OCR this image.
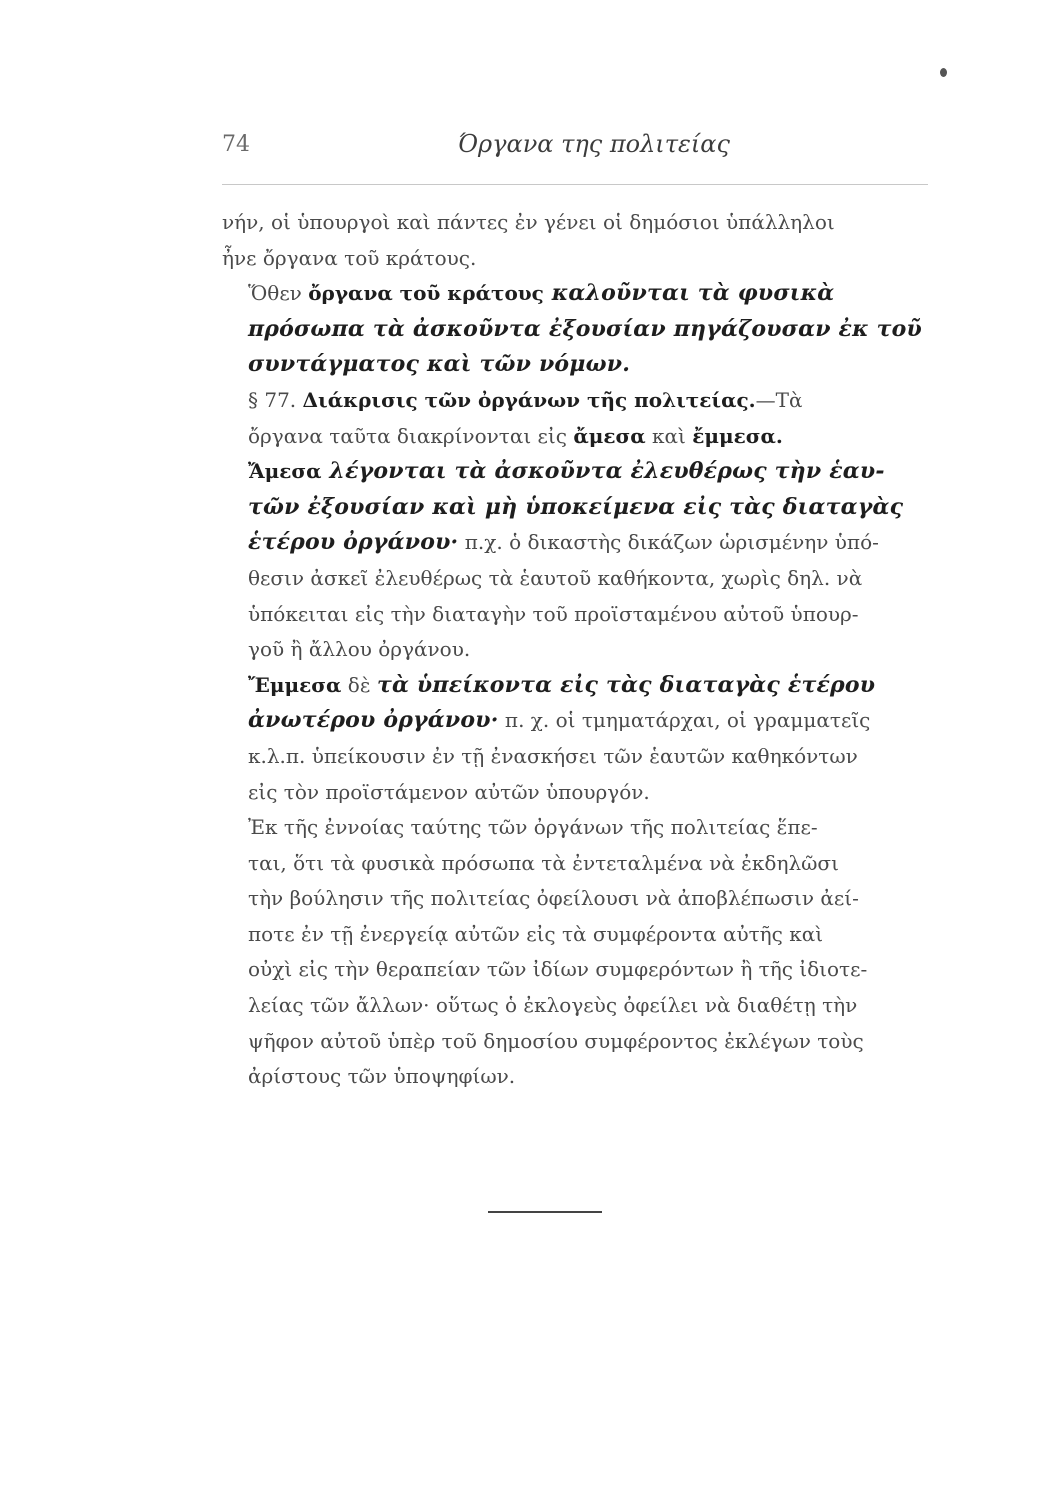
74	Όργανα της πολιτείας

νήν, οἱ ὑπουργοὶ καὶ πάντες ἐν γένει οἱ δημόσιοι ὑπάλληλοι
ἦνε ὄργανα τοῦ κράτους.

Ὅθεν ὄργανα τοῦ κράτους καλοῦνται τὰ φυσικὰ
πρόσωπα τὰ ἀσκοῦντα ἐξουσίαν πηγάζουσαν ἐκ τοῦ
συντάγματος καὶ τῶν νόμων.

§ 77. Διάκρισις τῶν ὀργάνων τῆς πολιτείας.—Τὰ
ὄργανα ταῦτα διακρίνονται εἰς ἄμεσα καὶ ἔμμεσα.

Ἄμεσα λέγονται τὰ ἀσκοῦντα ἐλευθέρως τὴν ἑαυ-
τῶν ἐξουσίαν καὶ μὴ ὑποκείμενα εἰς τὰς διαταγὰς
ἑτέρου ὀργάνου· π.χ. ὁ δικαστὴς δικάζων ὡρισμένην ὑπό-
θεσιν ἀσκεῖ ἐλευθέρως τὰ ἑαυτοῦ καθήκοντα, χωρὶς δηλ. νὰ
ὑπόκειται εἰς τὴν διαταγὴν τοῦ προϊσταμένου αὐτοῦ ὑπουρ-
γοῦ ἢ ἄλλου ὀργάνου.

Ἔμμεσα δὲ τὰ ὑπείκοντα εἰς τὰς διαταγὰς ἑτέρου
ἀνωτέρου ὀργάνου· π. χ. οἱ τμηματάρχαι, οἱ γραμματεῖς
κ.λ.π. ὑπείκουσιν ἐν τῇ ἐνασκήσει τῶν ἑαυτῶν καθηκόντων
εἰς τὸν προϊστάμενον αὐτῶν ὑπουργόν.

Ἐκ τῆς ἐννοίας ταύτης τῶν ὀργάνων τῆς πολιτείας ἕπε-
ται, ὅτι τὰ φυσικὰ πρόσωπα τὰ ἐντεταλμένα νὰ ἐκδηλῶσι
τὴν βούλησιν τῆς πολιτείας ὀφείλουσι νὰ ἀποβλέπωσιν ἀεί-
ποτε ἐν τῇ ἐνεργείᾳ αὐτῶν εἰς τὰ συμφέροντα αὐτῆς καὶ
οὐχὶ εἰς τὴν θεραπείαν τῶν ἰδίων συμφερόντων ἢ τῆς ἰδιοτε-
λείας τῶν ἄλλων· οὕτως ὁ ἐκλογεὺς ὀφείλει νὰ διαθέτῃ τὴν
ψῆφον αὐτοῦ ὑπὲρ τοῦ δημοσίου συμφέροντος ἐκλέγων τοὺς
ἀρίστους τῶν ὑποψηφίων.
